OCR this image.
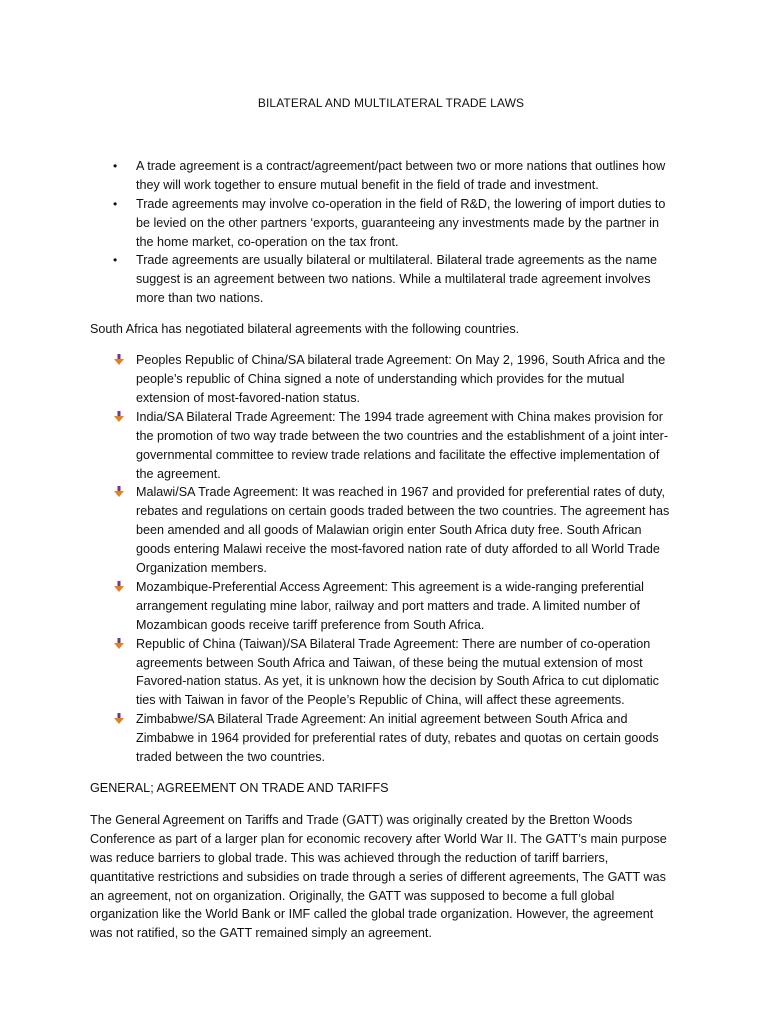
BILATERAL AND MULTILATERAL TRADE LAWS
• A trade agreement is a contract/agreement/pact between two or more nations that outlines how they will work together to ensure mutual benefit in the field of trade and investment.
• Trade agreements may involve co-operation in the field of R&D, the lowering of import duties to be levied on the other partners ‘exports, guaranteeing any investments made by the partner in the home market, co-operation on the tax front.
• Trade agreements are usually bilateral or multilateral. Bilateral trade agreements as the name suggest is an agreement between two nations. While a multilateral trade agreement involves more than two nations.

South Africa has negotiated bilateral agreements with the following countries.

Peoples Republic of China/SA bilateral trade Agreement: On May 2, 1996, South Africa and the people’s republic of China signed a note of understanding which provides for the mutual extension of most-favored-nation status.
India/SA Bilateral Trade Agreement: The 1994 trade agreement with China makes provision for the promotion of two way trade between the two countries and the establishment of a joint inter-governmental committee to review trade relations and facilitate the effective implementation of the agreement.
Malawi/SA Trade Agreement: It was reached in 1967 and provided for preferential rates of duty, rebates and regulations on certain goods traded between the two countries. The agreement has been amended and all goods of Malawian origin enter South Africa duty free. South African goods entering Malawi receive the most-favored nation rate of duty afforded to all World Trade Organization members.
Mozambique-Preferential Access Agreement: This agreement is a wide-ranging preferential arrangement regulating mine labor, railway and port matters and trade. A limited number of Mozambican goods receive tariff preference from South Africa.
Republic of China (Taiwan)/SA Bilateral Trade Agreement: There are number of co-operation agreements between South Africa and Taiwan, of these being the mutual extension of most Favored-nation status. As yet, it is unknown how the decision by South Africa to cut diplomatic ties with Taiwan in favor of the People’s Republic of China, will affect these agreements.
Zimbabwe/SA Bilateral Trade Agreement: An initial agreement between South Africa and Zimbabwe in 1964 provided for preferential rates of duty, rebates and quotas on certain goods traded between the two countries.
GENERAL; AGREEMENT ON TRADE AND TARIFFS

The General Agreement on Tariffs and Trade (GATT) was originally created by the Bretton Woods Conference as part of a larger plan for economic recovery after World War II. The GATT’s main purpose was reduce barriers to global trade. This was achieved through the reduction of tariff barriers, quantitative restrictions and subsidies on trade through a series of different agreements, The GATT was an agreement, not on organization. Originally, the GATT was supposed to become a full global organization like the World Bank or IMF called the global trade organization. However, the agreement was not ratified, so the GATT remained simply an agreement.
